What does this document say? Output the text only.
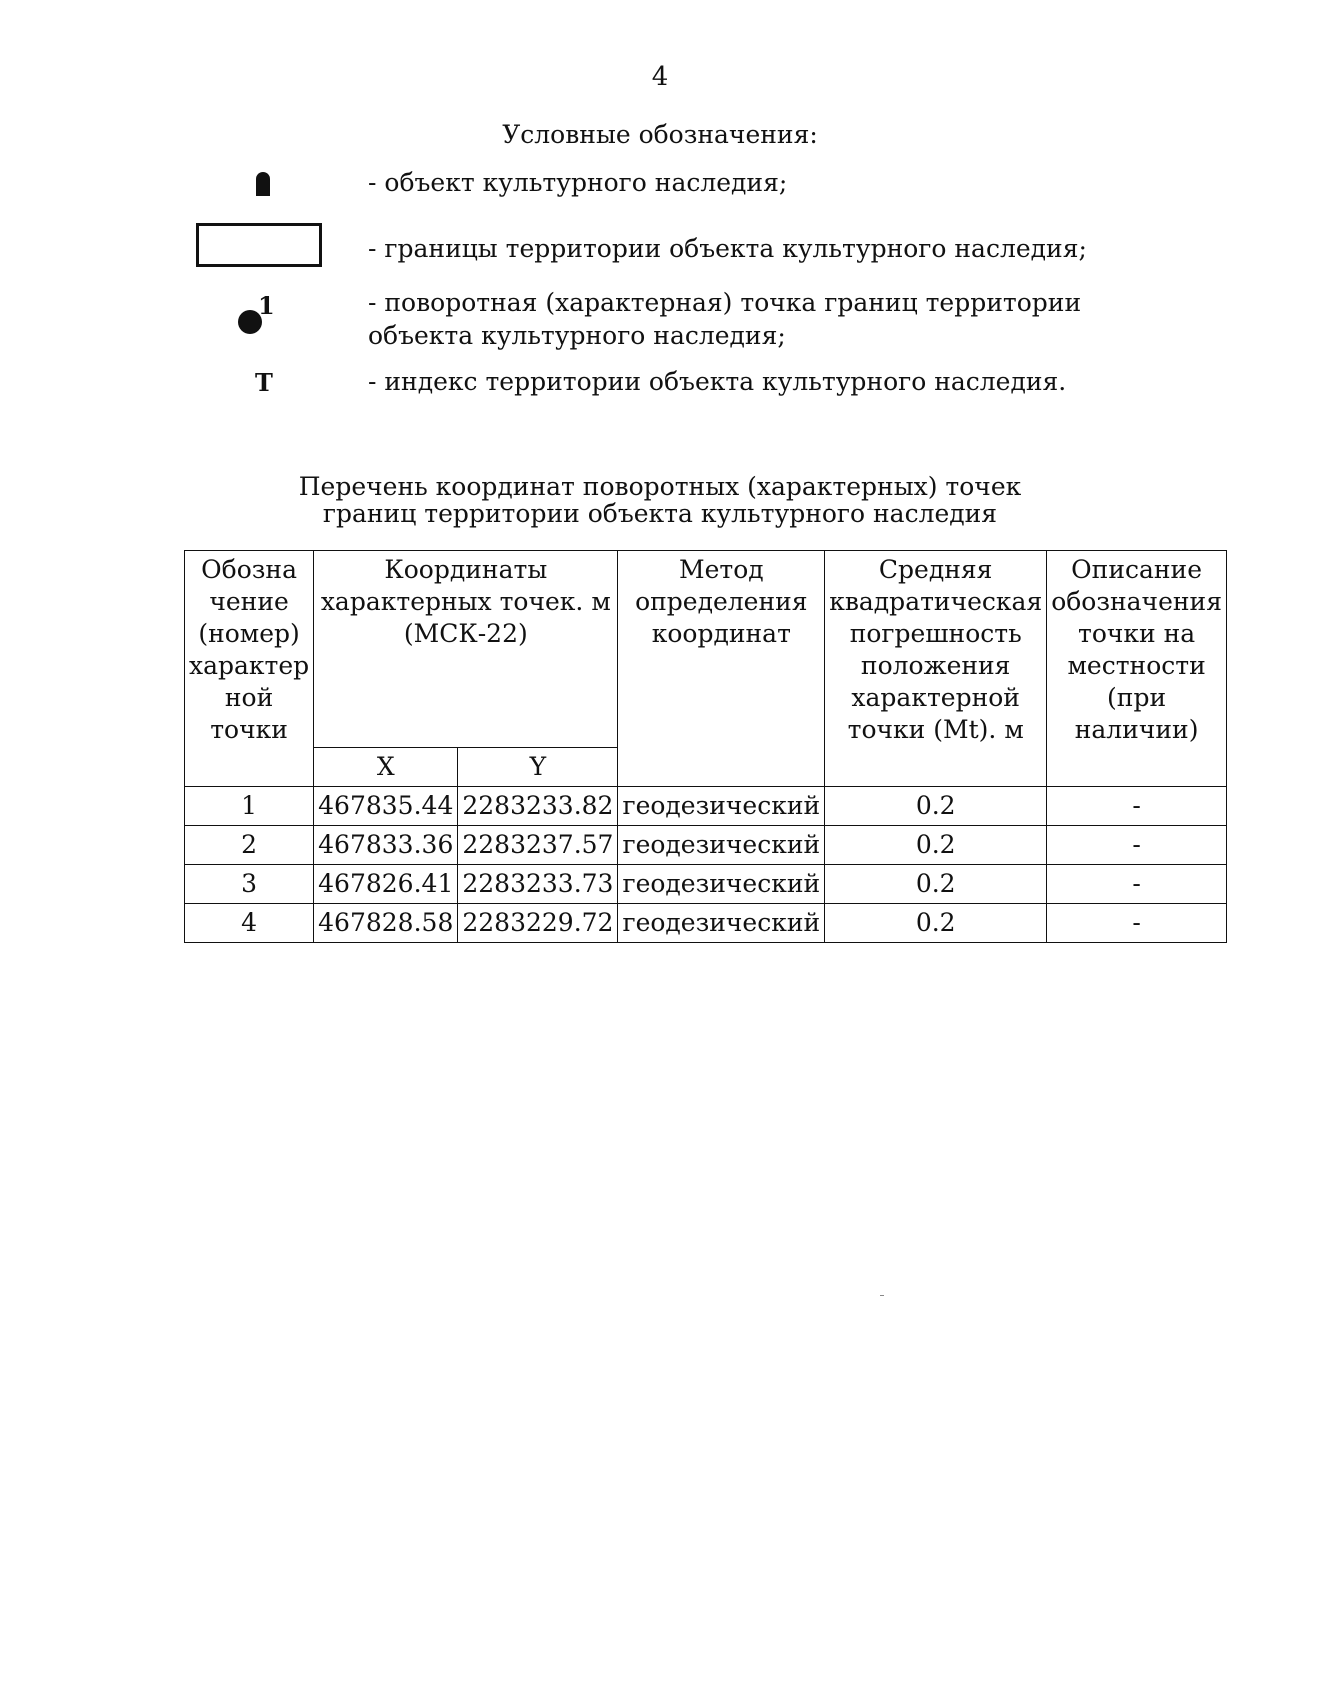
4
Условные обозначения:
- объект культурного наследия;
- границы территории объекта культурного наследия;
1	- поворотная (характерная) точка границ территории объекта культурного наследия;
Т	- индекс территории объекта культурного наследия.
Перечень координат поворотных (характерных) точек
границ территории объекта культурного наследия
Обозна чение (номер) характер ной точки	Координаты характерных точек. м (МСК-22)		Метод определения координат	Средняя квадратическая погрешность положения характерной точки (Mt). м	Описание обозначения точки на местности (при наличии)
	X	Y			
1	467835.44	2283233.82	геодезический	0.2	-
2	467833.36	2283237.57	геодезический	0.2	-
3	467826.41	2283233.73	геодезический	0.2	-
4	467828.58	2283229.72	геодезический	0.2	-
